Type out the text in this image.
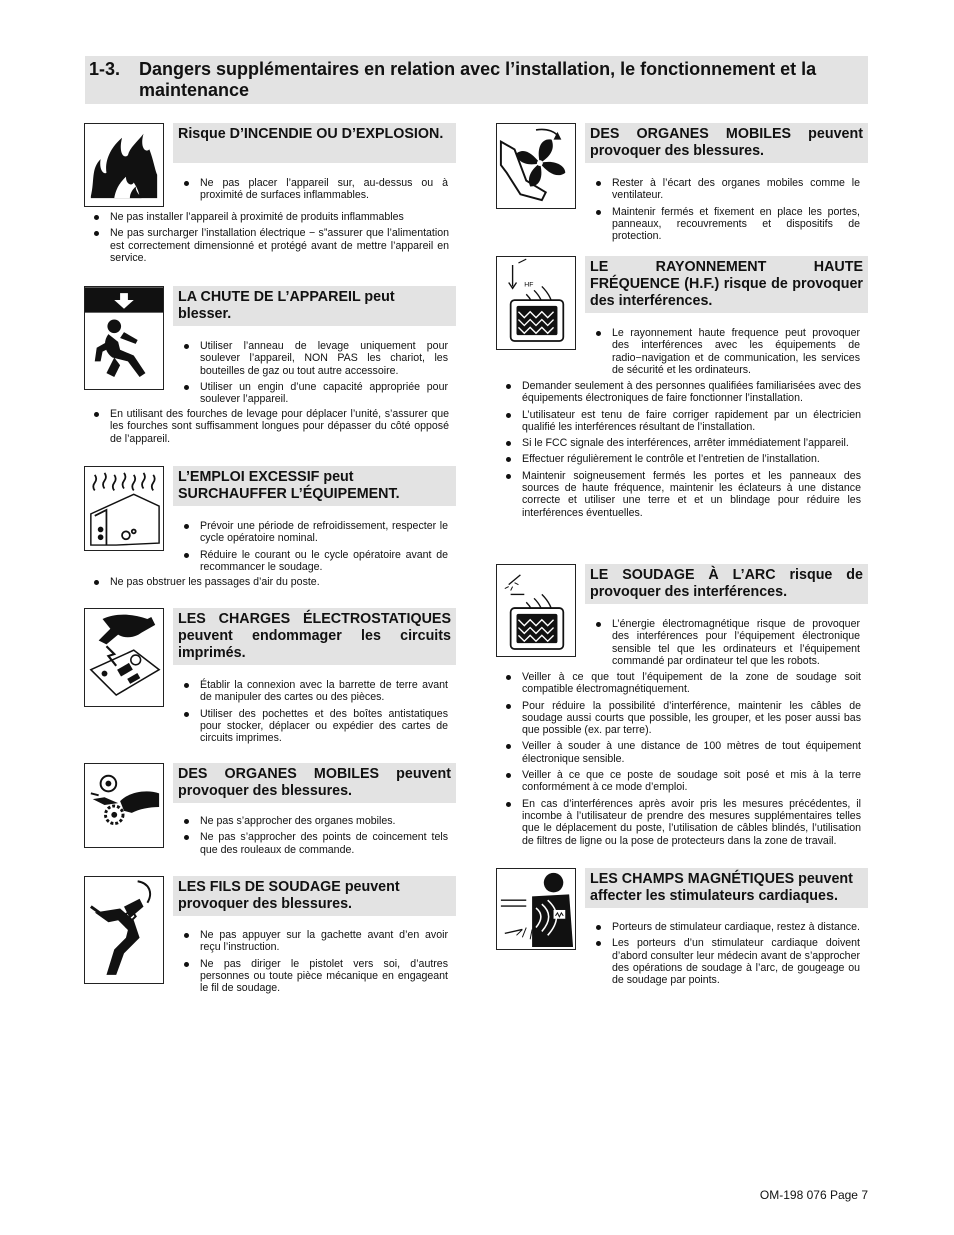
1-3. Dangers supplémentaires en relation avec l’installation, le fonctionnement et la maintenance
Risque D’INCENDIE OU D’EXPLOSION.
Ne pas placer l’appareil sur, au-dessus ou à proximité de surfaces inflammables.
Ne pas installer l’appareil à proximité de produits inflammables
Ne pas surcharger l’installation électrique − s”assurer que l’alimentation est correctement dimensionné et protégé avant de mettre l’appareil en service.
LA CHUTE DE L’APPAREIL peut blesser.
Utiliser l’anneau de levage uniquement pour soulever l’appareil, NON PAS les chariot, les bouteilles de gaz ou tout autre accessoire.
Utiliser un engin d’une capacité appropriée pour soulever l’appareil.
En utilisant des fourches de levage pour déplacer l’unité, s’assurer que les fourches sont suffisamment longues pour dépasser du côté opposé de l’appareil.
L’EMPLOI EXCESSIF peut SURCHAUFFER L’ÉQUIPEMENT.
Prévoir une période de refroidissement, respecter le cycle opératoire nominal.
Réduire le courant ou le cycle opératoire avant de recommancer le soudage.
Ne pas obstruer les passages d’air du poste.
LES CHARGES ÉLECTROSTATIQUES peuvent endommager les circuits imprimés.
Établir la connexion avec la barrette de terre avant de manipuler des cartes ou des pièces.
Utiliser des pochettes et des boîtes antistatiques pour stocker, déplacer ou expédier des cartes de circuits imprimes.
DES ORGANES MOBILES peuvent provoquer des blessures.
Ne pas s’approcher des organes mobiles.
Ne pas s’approcher des points de coincement tels que des rouleaux de commande.
LES FILS DE SOUDAGE peuvent provoquer des blessures.
Ne pas appuyer sur la gachette avant d’en avoir reçu l’instruction.
Ne pas diriger le pistolet vers soi, d’autres personnes ou toute pièce mécanique en engageant le fil de soudage.
DES ORGANES MOBILES peuvent provoquer des blessures.
Rester à l’écart des organes mobiles comme le ventilateur.
Maintenir fermés et fixement en place les portes, panneaux, recouvrements et dispositifs de protection.
HF
LE RAYONNEMENT HAUTE FRÉQUENCE (H.F.) risque de provoquer des interférences.
Le rayonnement haute frequence peut provoquer des interférences avec les équipements de radio−navigation et de communication, les services de sécurité et les ordinateurs.
Demander seulement à des personnes qualifiées familiarisées avec des équipements électroniques de faire fonctionner l’installation.
L’utilisateur est tenu de faire corriger rapidement par un électricien qualifié les interférences résultant de l’installation.
Si le FCC signale des interférences, arrêter immédiatement l’appareil.
Effectuer régulièrement le contrôle et l’entretien de l’installation.
Maintenir soigneusement fermés les portes et les panneaux des sources de haute fréquence, maintenir les éclateurs à une distance correcte et utiliser une terre et et un blindage pour réduire les interférences éventuelles.
LE SOUDAGE À L’ARC risque de provoquer des interférences.
L’énergie électromagnétique risque de provoquer des interférences pour l’équipement électronique sensible tel que les ordinateurs et l’équipement commandé par ordinateur tel que les robots.
Veiller à ce que tout l’équipement de la zone de soudage soit compatible électromagnétiquement.
Pour réduire la possibilité d’interférence, maintenir les câbles de soudage aussi courts que possible, les grouper, et les poser aussi bas que possible (ex. par terre).
Veiller à souder à une distance de 100 mètres de tout équipement électronique sensible.
Veiller à ce que ce poste de soudage soit posé et mis à la terre conformément à ce mode d’emploi.
En cas d’interférences après avoir pris les mesures précédentes, il incombe à l’utilisateur de prendre des mesures supplémentaires telles que le déplacement du poste, l’utilisation de câbles blindés, l’utilisation de filtres de ligne ou la pose de protecteurs dans la zone de travail.
LES CHAMPS MAGNÉTIQUES peuvent affecter les stimulateurs cardiaques.
Porteurs de stimulateur cardiaque, restez à distance.
Les porteurs d’un stimulateur cardiaque doivent d’abord consulter leur médecin avant de s’approcher des opérations de soudage à l’arc, de gougeage ou de soudage par points.
OM-198 076 Page 7
